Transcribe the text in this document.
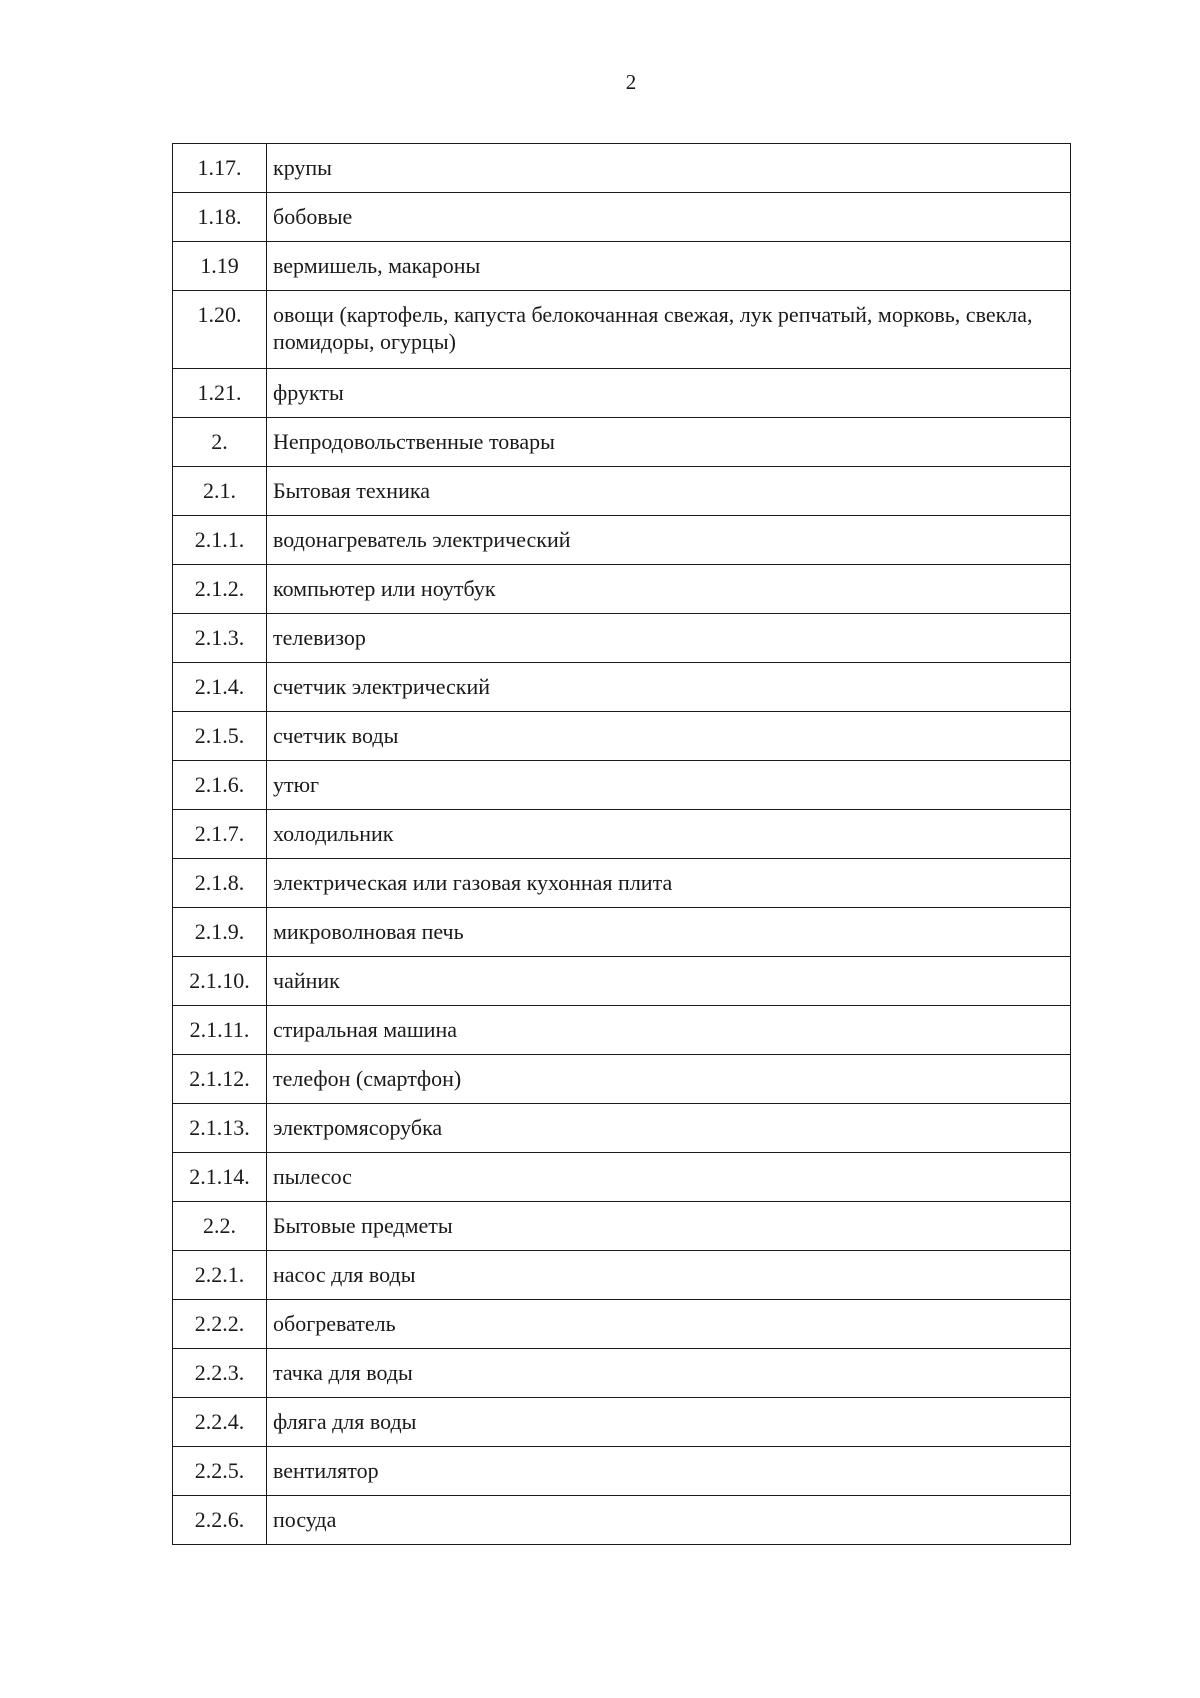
2
1.17.	крупы
1.18.	бобовые
1.19	вермишель, макароны
1.20.	овощи (картофель, капуста белокочанная свежая, лук репчатый, морковь, свекла, помидоры, огурцы)
1.21.	фрукты
2.	Непродовольственные товары
2.1.	Бытовая техника
2.1.1.	водонагреватель электрический
2.1.2.	компьютер или ноутбук
2.1.3.	телевизор
2.1.4.	счетчик электрический
2.1.5.	счетчик воды
2.1.6.	утюг
2.1.7.	холодильник
2.1.8.	электрическая или газовая кухонная плита
2.1.9.	микроволновая печь
2.1.10.	чайник
2.1.11.	стиральная машина
2.1.12.	телефон (смартфон)
2.1.13.	электромясорубка
2.1.14.	пылесос
2.2.	Бытовые предметы
2.2.1.	насос для воды
2.2.2.	обогреватель
2.2.3.	тачка для воды
2.2.4.	фляга для воды
2.2.5.	вентилятор
2.2.6.	посуда
